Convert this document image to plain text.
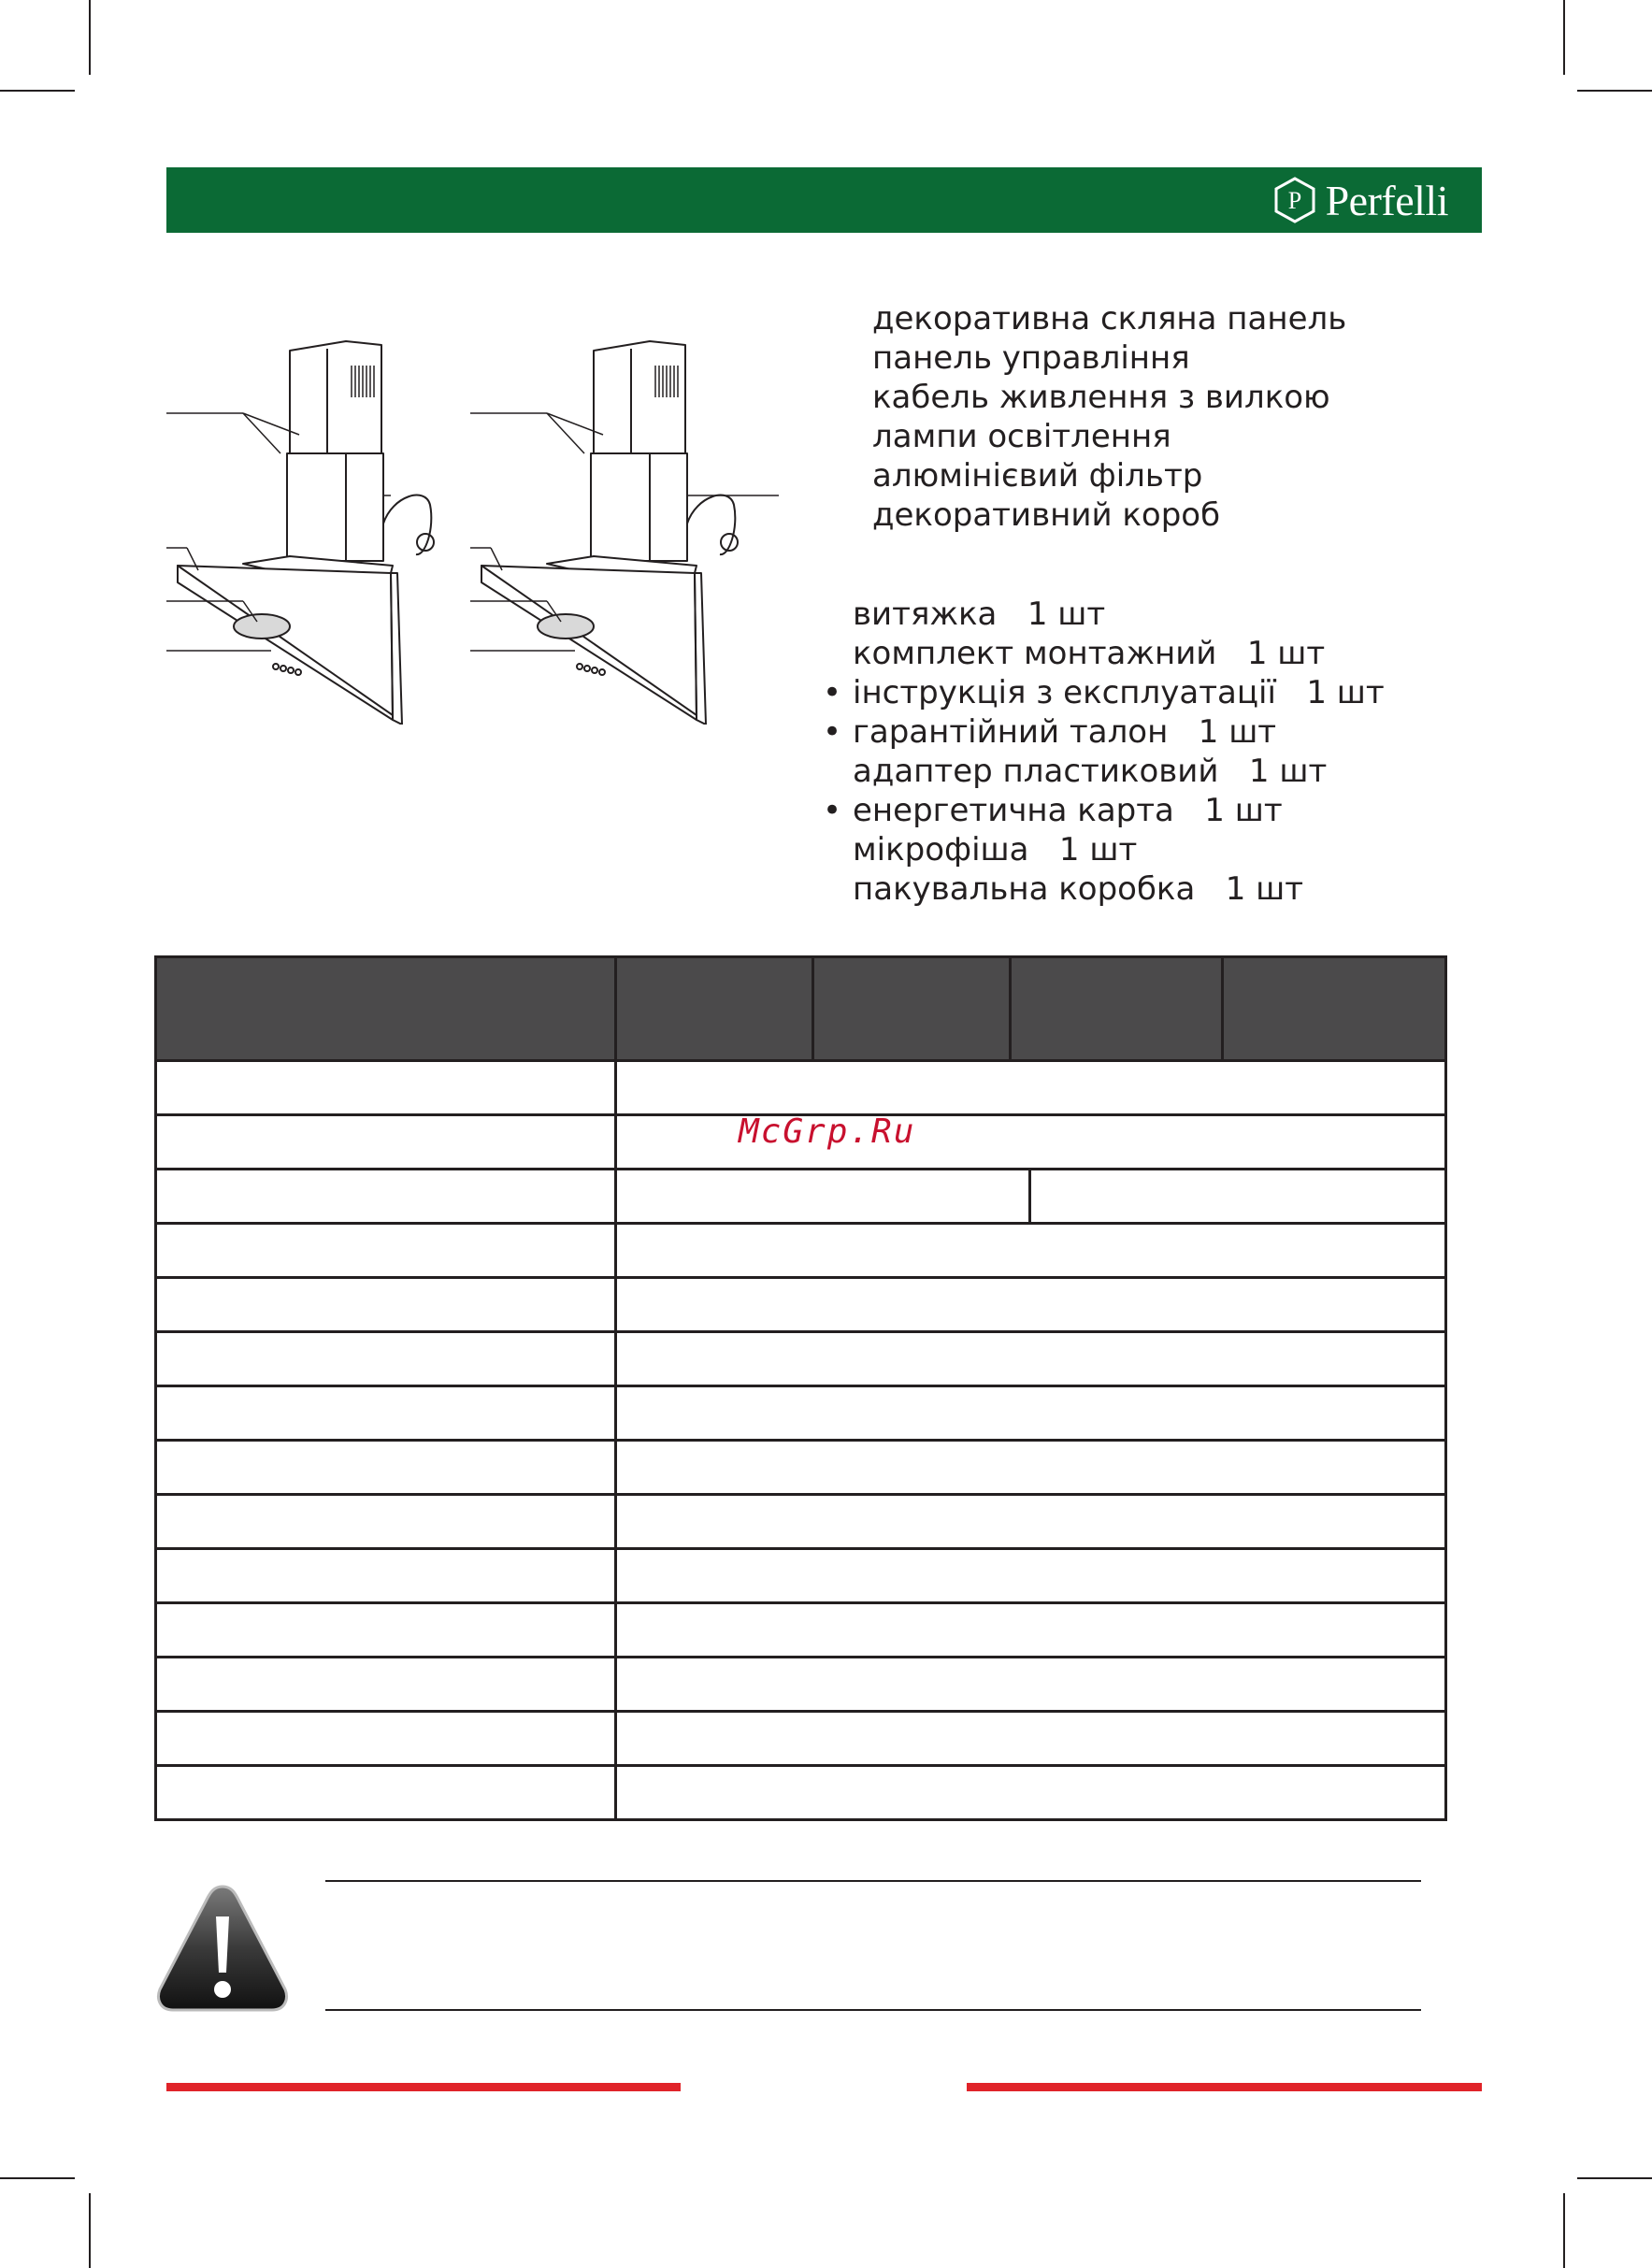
P Perfelli
декоративна скляна панель
панель управління
кабель живлення з вилкою
лампи освітлення
алюмінієвий фільтр
декоративний короб
витяжка   1 шт
комплект монтажний   1 шт
• інструкція з експлуатації   1 шт
• гарантійний талон   1 шт
адаптер пластиковий   1 шт
• енергетична карта   1 шт
мікрофіша   1 шт
пакувальна коробка   1 шт

McGrp.Ru
